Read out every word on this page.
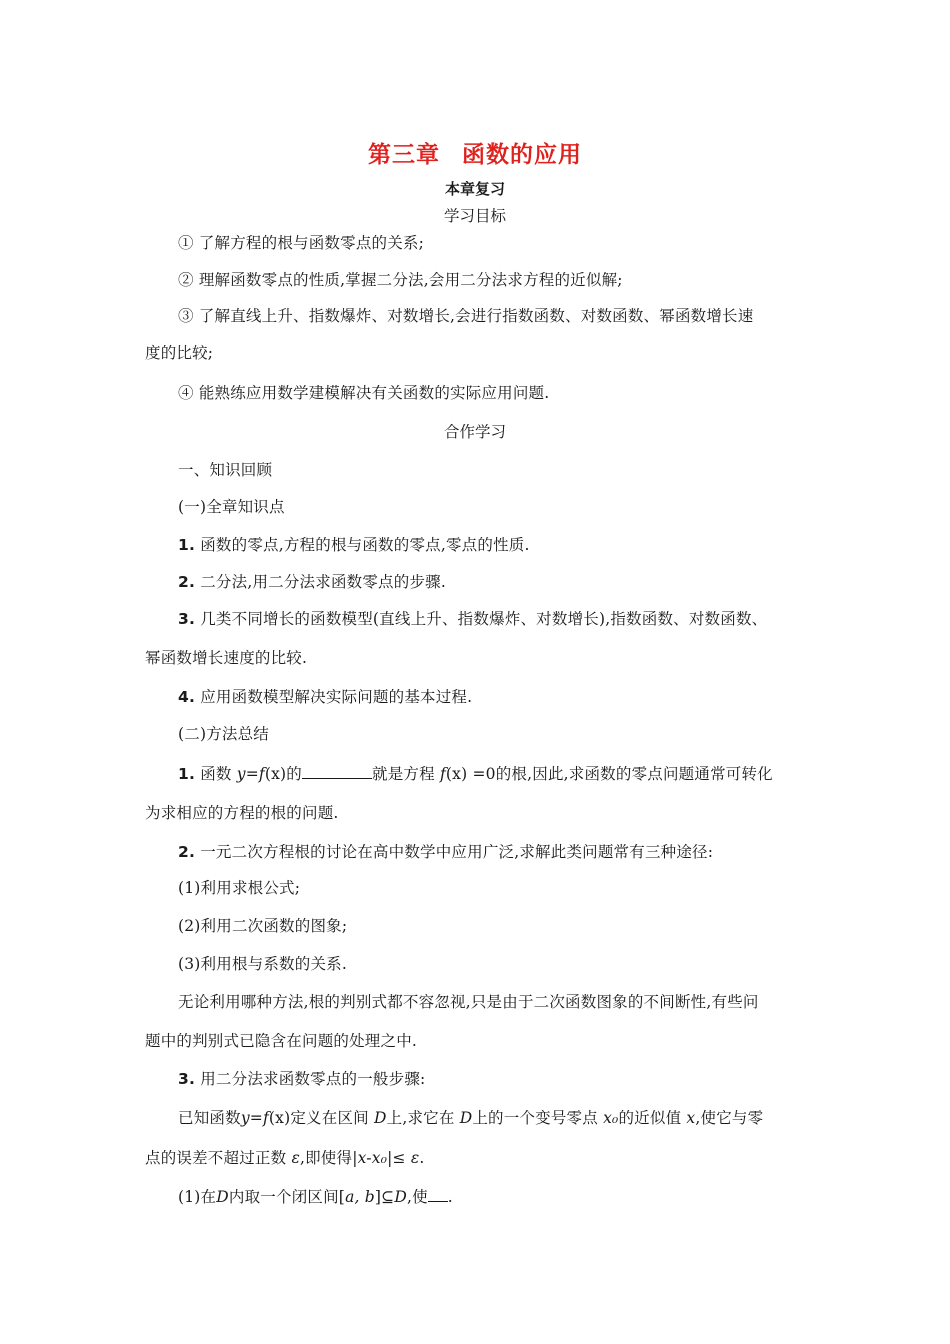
第三章 函数的应用
本章复习
学习目标
① 了解方程的根与函数零点的关系;
② 理解函数零点的性质,掌握二分法,会用二分法求方程的近似解;
③ 了解直线上升、指数爆炸、对数增长,会进行指数函数、对数函数、幂函数增长速
度的比较;
④ 能熟练应用数学建模解决有关函数的实际应用问题.
合作学习
一、知识回顾
(一)全章知识点
1. 函数的零点,方程的根与函数的零点,零点的性质.
2. 二分法,用二分法求函数零点的步骤.
3. 几类不同增长的函数模型(直线上升、指数爆炸、对数增长),指数函数、对数函数、
幂函数增长速度的比较.
4. 应用函数模型解决实际问题的基本过程.
(二)方法总结
1. 函数 y=f(x)的	就是方程 f(x) =0的根,因此,求函数的零点问题通常可转化
为求相应的方程的根的问题.
2. 一元二次方程根的讨论在高中数学中应用广泛,求解此类问题常有三种途径:
(1)利用求根公式;
(2)利用二次函数的图象;
(3)利用根与系数的关系.
无论利用哪种方法,根的判别式都不容忽视,只是由于二次函数图象的不间断性,有些问
题中的判别式已隐含在问题的处理之中.
3. 用二分法求函数零点的一般步骤:
已知函数y=f(x)定义在区间 D上,求它在 D上的一个变号零点 x₀的近似值 x,使它与零
点的误差不超过正数 ε,即使得|x-x₀|≤ ε.
(1)在D内取一个闭区间[a, b]⊆D,使 .
